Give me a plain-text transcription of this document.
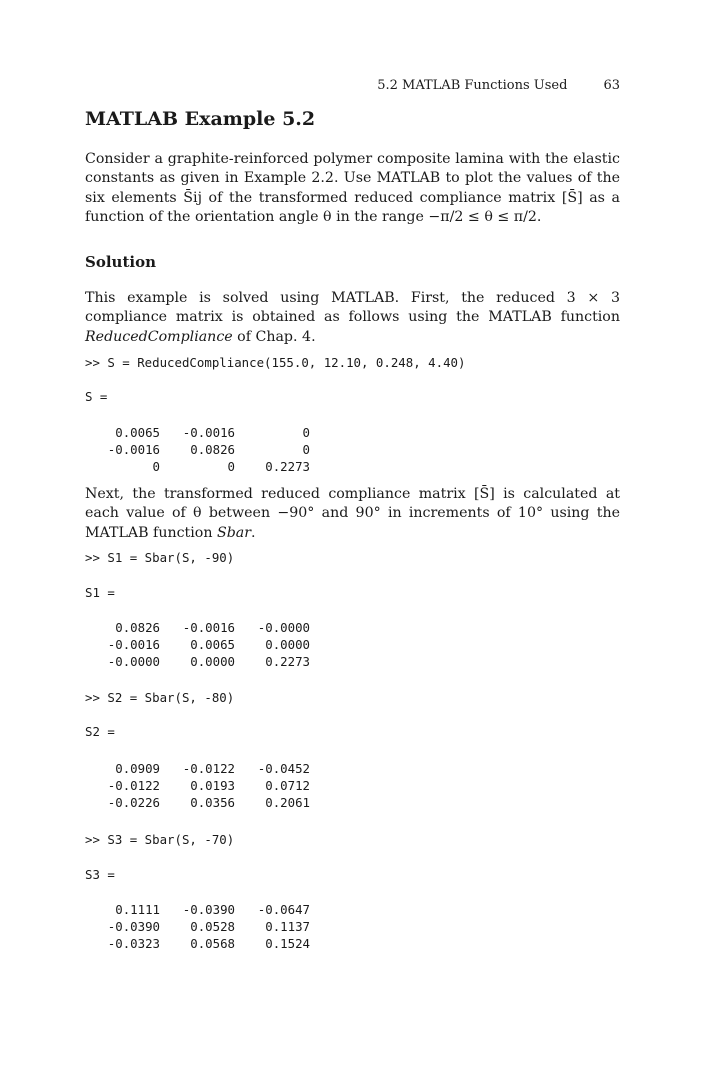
5.2 MATLAB Functions Used	63
MATLAB Example 5.2

Consider a graphite-reinforced polymer composite lamina with the elastic constants as given in Example 2.2. Use MATLAB to plot the values of the six elements S̄ij of the transformed reduced compliance matrix [S̄] as a function of the orientation angle θ in the range −π/2 ≤ θ ≤ π/2.

Solution

This example is solved using MATLAB. First, the reduced 3 × 3 compliance matrix is obtained as follows using the MATLAB function ReducedCompliance of Chap. 4.

>> S = ReducedCompliance(155.0, 12.10, 0.248, 4.40)
S =
0.0065	-0.0016	0
-0.0016	0.0826	0
0	0	0.2273

Next, the transformed reduced compliance matrix [S̄] is calculated at each value of θ between −90° and 90° in increments of 10° using the MATLAB function Sbar.

>> S1 = Sbar(S, -90)
S1 =
0.0826	-0.0016	-0.0000
-0.0016	0.0065	0.0000
-0.0000	0.0000	0.2273
>> S2 = Sbar(S, -80)
S2 =
0.0909	-0.0122	-0.0452
-0.0122	0.0193	0.0712
-0.0226	0.0356	0.2061
>> S3 = Sbar(S, -70)
S3 =
0.1111	-0.0390	-0.0647
-0.0390	0.0528	0.1137
-0.0323	0.0568	0.1524
